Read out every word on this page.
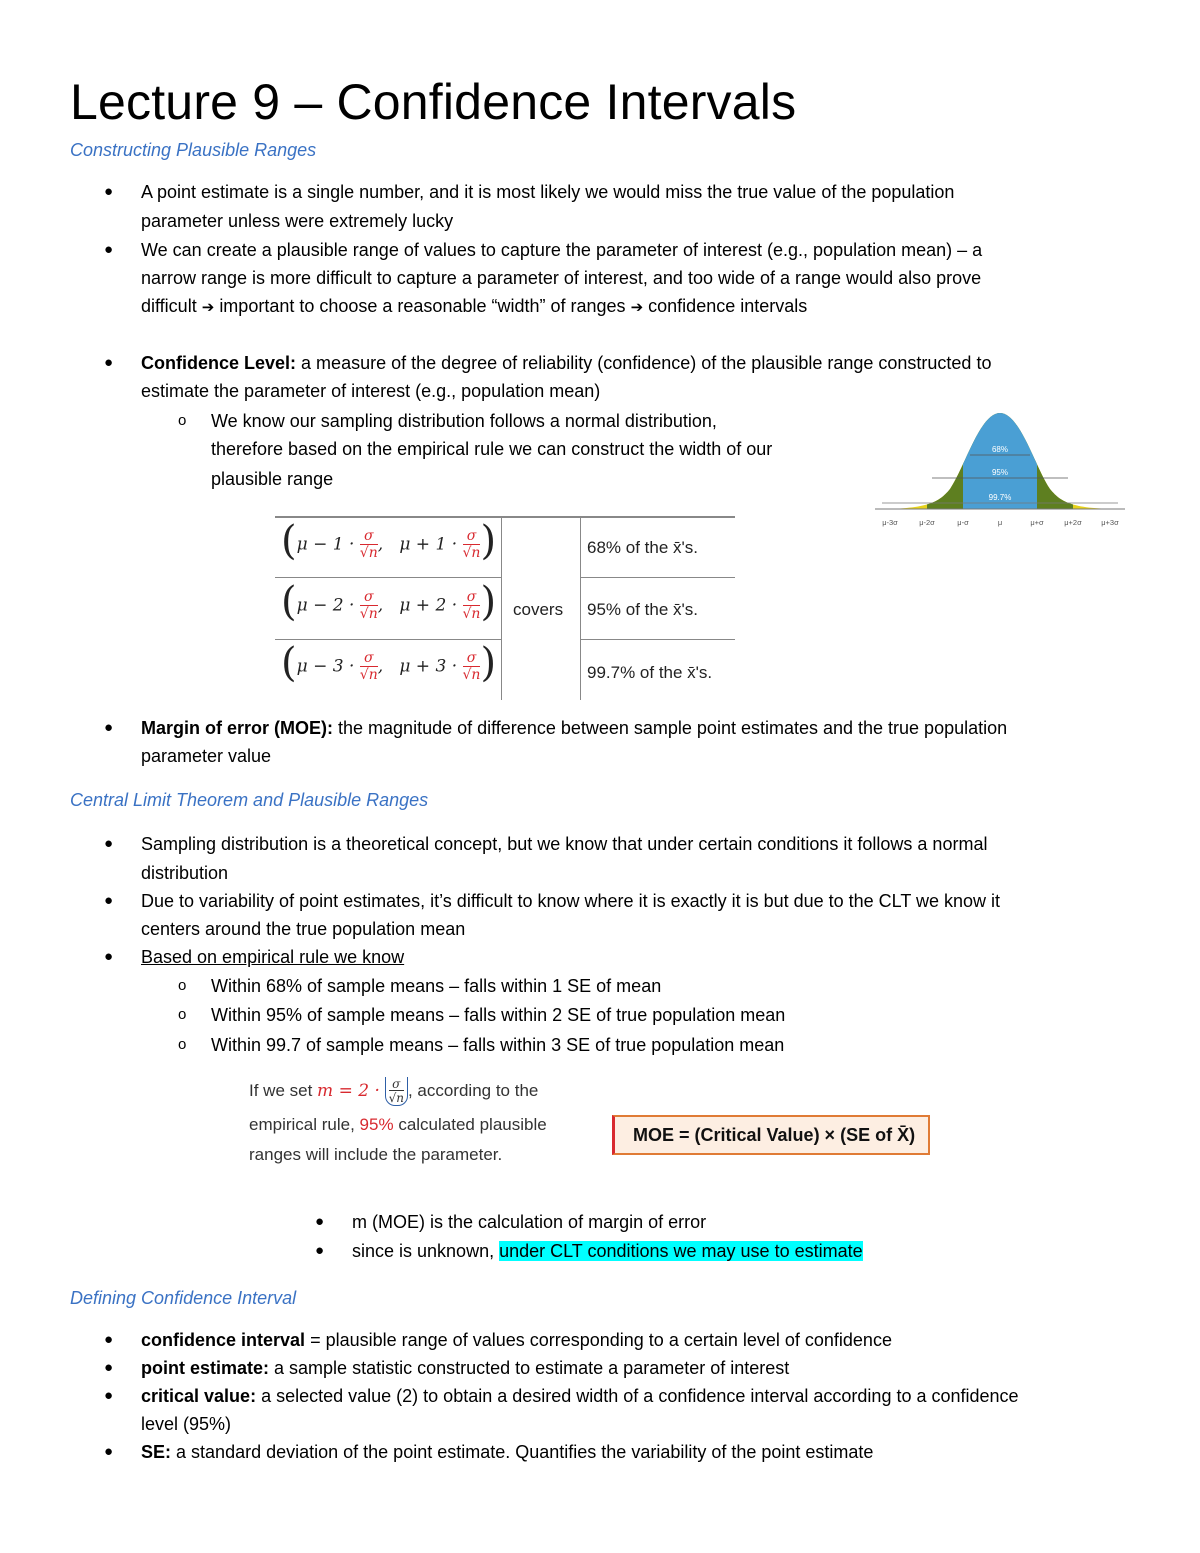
Lecture 9 – Confidence Intervals
Constructing Plausible Ranges
● A point estimate is a single number, and it is most likely we would miss the true value of the population
parameter unless were extremely lucky
● We can create a plausible range of values to capture the parameter of interest (e.g., population mean) – a
narrow range is more difficult to capture a parameter of interest, and too wide of a range would also prove
difficult ➔ important to choose a reasonable “width” of ranges ➔ confidence intervals
● Confidence Level: a measure of the degree of reliability (confidence) of the plausible range constructed to
estimate the parameter of interest (e.g., population mean)
o We know our sampling distribution follows a normal distribution,
therefore based on the empirical rule we can construct the width of our
plausible range
68%
95%
99.7%
μ-3σ	μ-2σ	μ-σ	μ	μ+σ	μ+2σ	μ+3σ
($\mu - 1 \cdot \frac{\sigma}{√n}$,   $\mu + 1 \cdot \frac{\sigma}{√n}$)	68% of the x̄'s.
($\mu - 2 \cdot \frac{\sigma}{√n}$,   $\mu + 2 \cdot \frac{\sigma}{√n}$) covers 95% of the x̄'s.
($\mu - 3 \cdot \frac{\sigma}{√n}$,   $\mu + 3 \cdot \frac{\sigma}{√n}$)	99.7% of the x̄'s.
● Margin of error (MOE): the magnitude of difference between sample point estimates and the true population
parameter value
Central Limit Theorem and Plausible Ranges
● Sampling distribution is a theoretical concept, but we know that under certain conditions it follows a normal
distribution
● Due to variability of point estimates, it’s difficult to know where it is exactly it is but due to the CLT we know it
centers around the true population mean
● Based on empirical rule we know
o Within 68% of sample means – falls within 1 SE of mean
o Within 95% of sample means – falls within 2 SE of true population mean
o Within 99.7 of sample means – falls within 3 SE of true population mean
If we set $m = 2 \cdot \frac{\sigma}{√n}$, according to the
empirical rule, 95% calculated plausible
ranges will include the parameter.
MOE = (Critical Value) × (SE of X̄)
● m (MOE) is the calculation of margin of error
● since is unknown, under CLT conditions we may use to estimate
Defining Confidence Interval
● confidence interval = plausible range of values corresponding to a certain level of confidence
● point estimate: a sample statistic constructed to estimate a parameter of interest
● critical value: a selected value (2) to obtain a desired width of a confidence interval according to a confidence
level (95%)
● SE: a standard deviation of the point estimate. Quantifies the variability of the point estimate
